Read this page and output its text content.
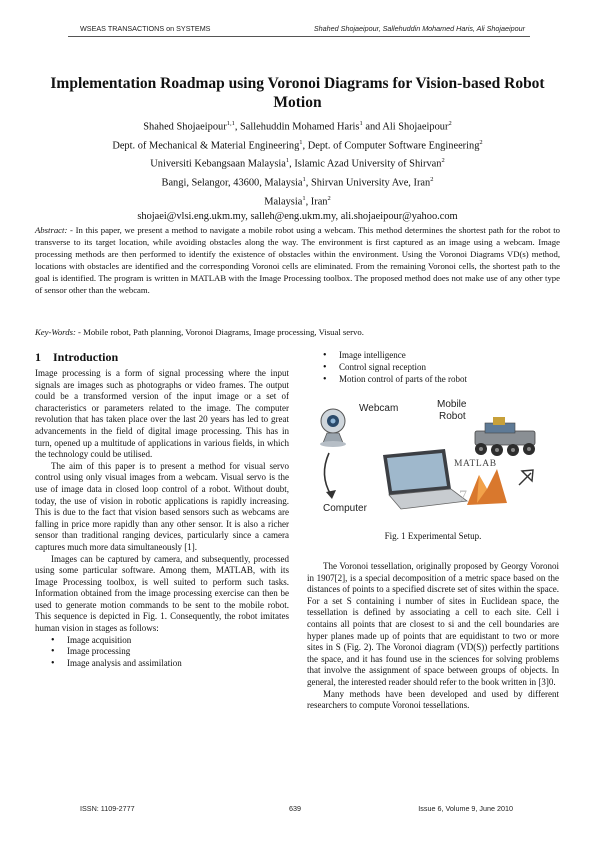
WSEAS TRANSACTIONS on SYSTEMS	Shahed Shojaeipour, Sallehuddin Mohamed Haris, Ali Shojaeipour
Implementation Roadmap using Voronoi Diagrams for Vision-based Robot Motion
Shahed Shojaeipour$^{1,1}$, Sallehuddin Mohamed Haris$^1$ and Ali Shojaeipour$^2$
Dept. of Mechanical & Material Engineering$^1$, Dept. of Computer Software Engineering$^2$
Universiti Kebangsaan Malaysia$^1$, Islamic Azad University of Shirvan$^2$
Bangi, Selangor, 43600, Malaysia$^1$, Shirvan University Ave, Iran$^2$
Malaysia$^1$, Iran$^2$
shojaei@vlsi.eng.ukm.my, salleh@eng.ukm.my, ali.shojaeipour@yahoo.com
Abstract: - In this paper, we present a method to navigate a mobile robot using a webcam. This method determines the shortest path for the robot to transverse to its target location, while avoiding obstacles along the way. The environment is first captured as an image using a webcam. Image processing methods are then performed to identify the existence of obstacles within the environment. Using the Voronoi Diagrams VD(s) method, locations with obstacles are identified and the corresponding Voronoi cells are eliminated. From the remaining Voronoi cells, the shortest path to the goal is identified. The program is written in MATLAB with the Image Processing toolbox. The proposed method does not make use of any other type of sensor other than the webcam.
Key-Words: - Mobile robot, Path planning, Voronoi Diagrams, Image processing, Visual servo.
1 Introduction

Image processing is a form of signal processing where the input signals are images such as photographs or video frames. The output could be a transformed version of the input image or a set of characteristics or parameters related to the image. The computer revolution that has taken place over the last 20 years has led to great advancements in the field of digital image processing. This has in turn, opened up a multitude of applications in various fields, in which the technology could be utilised.

The aim of this paper is to present a method for visual servo control using only visual images from a webcam. Visual servo is the use of image data in closed loop control of a robot. Without doubt, today, the use of vision in robotic applications is rapidly increasing. This is due to the fact that vision based sensors such as webcams are falling in price more rapidly than any other sensor. It is also a richer sensor than traditional ranging devices, particularly since a camera captures much more data simultaneously [1].

Images can be captured by camera, and subsequently, processed using some particular software. Among them, MATLAB, with its Image Processing toolbox, is well suited to perform such tasks. Information obtained from the image processing exercise can then be used to generate motion commands to be sent to the mobile robot. This sequence is depicted in Fig. 1. Consequently, the robot imitates human vision in stages as follows:

• Image acquisition
• Image processing
• Image analysis and assimilation
• Image intelligence
• Control signal reception
• Motion control of parts of the robot
7
Webcam	Mobile
Robot
MATLAB
Computer
Fig. 1 Experimental Setup.

The Voronoi tessellation, originally proposed by Georgy Voronoi in 1907[2], is a special decomposition of a metric space based on the distances of points to a specified discrete set of sites within the space. For a set S containing i number of sites in Euclidean space, the tessellation is defined by associating a cell to each site. Cell i contains all points that are closest to si and the cell boundaries are hyper planes made up of points that are equidistant to two or more sites in S (Fig. 2). The Voronoi diagram (VD(S)) perfectly partitions the space, and it has found use in the sciences for solving problems that involve the assignment of space between groups of objects. In general, the interested reader should refer to the book written in [3]0.

Many methods have been developed and used by different researchers to compute Voronoi tessellations.

ISSN: 1109-2777	639	Issue 6, Volume 9, June 2010
